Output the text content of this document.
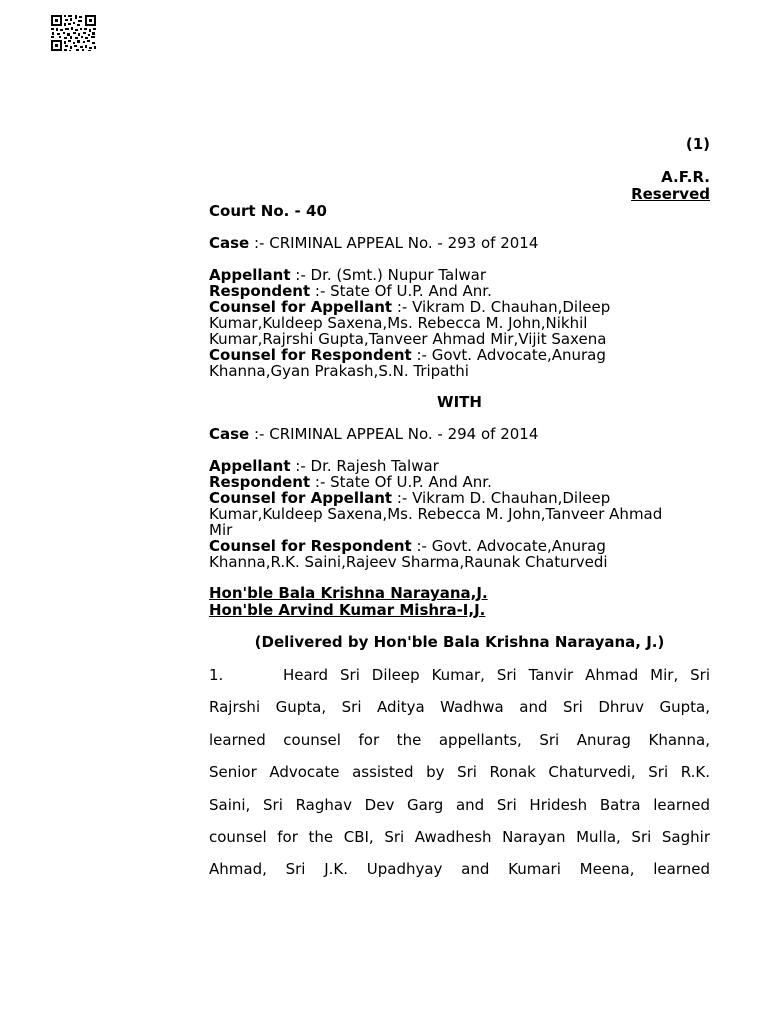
(1)
A.F.R.
Reserved
Court No. - 40
Case :- CRIMINAL APPEAL No. - 293 of 2014
Appellant :- Dr. (Smt.) Nupur Talwar
Respondent :- State Of U.P. And Anr.
Counsel for Appellant :- Vikram D. Chauhan,Dileep
Kumar,Kuldeep Saxena,Ms. Rebecca M. John,Nikhil
Kumar,Rajrshi Gupta,Tanveer Ahmad Mir,Vijit Saxena
Counsel for Respondent :- Govt. Advocate,Anurag
Khanna,Gyan Prakash,S.N. Tripathi
WITH
Case :- CRIMINAL APPEAL No. - 294 of 2014
Appellant :- Dr. Rajesh Talwar
Respondent :- State Of U.P. And Anr.
Counsel for Appellant :- Vikram D. Chauhan,Dileep
Kumar,Kuldeep Saxena,Ms. Rebecca M. John,Tanveer Ahmad
Mir
Counsel for Respondent :- Govt. Advocate,Anurag
Khanna,R.K. Saini,Rajeev Sharma,Raunak Chaturvedi
Hon'ble Bala Krishna Narayana,J.
Hon'ble Arvind Kumar Mishra-I,J.
(Delivered by Hon'ble Bala Krishna Narayana, J.)
1.     Heard Sri Dileep Kumar, Sri Tanvir Ahmad Mir, Sri
Rajrshi Gupta, Sri Aditya Wadhwa and Sri Dhruv Gupta,
learned counsel for the appellants, Sri Anurag Khanna,
Senior Advocate assisted by Sri Ronak Chaturvedi, Sri R.K.
Saini, Sri Raghav Dev Garg and Sri Hridesh Batra learned
counsel for the CBI, Sri Awadhesh Narayan Mulla, Sri Saghir
Ahmad, Sri J.K. Upadhyay and Kumari Meena, learned
